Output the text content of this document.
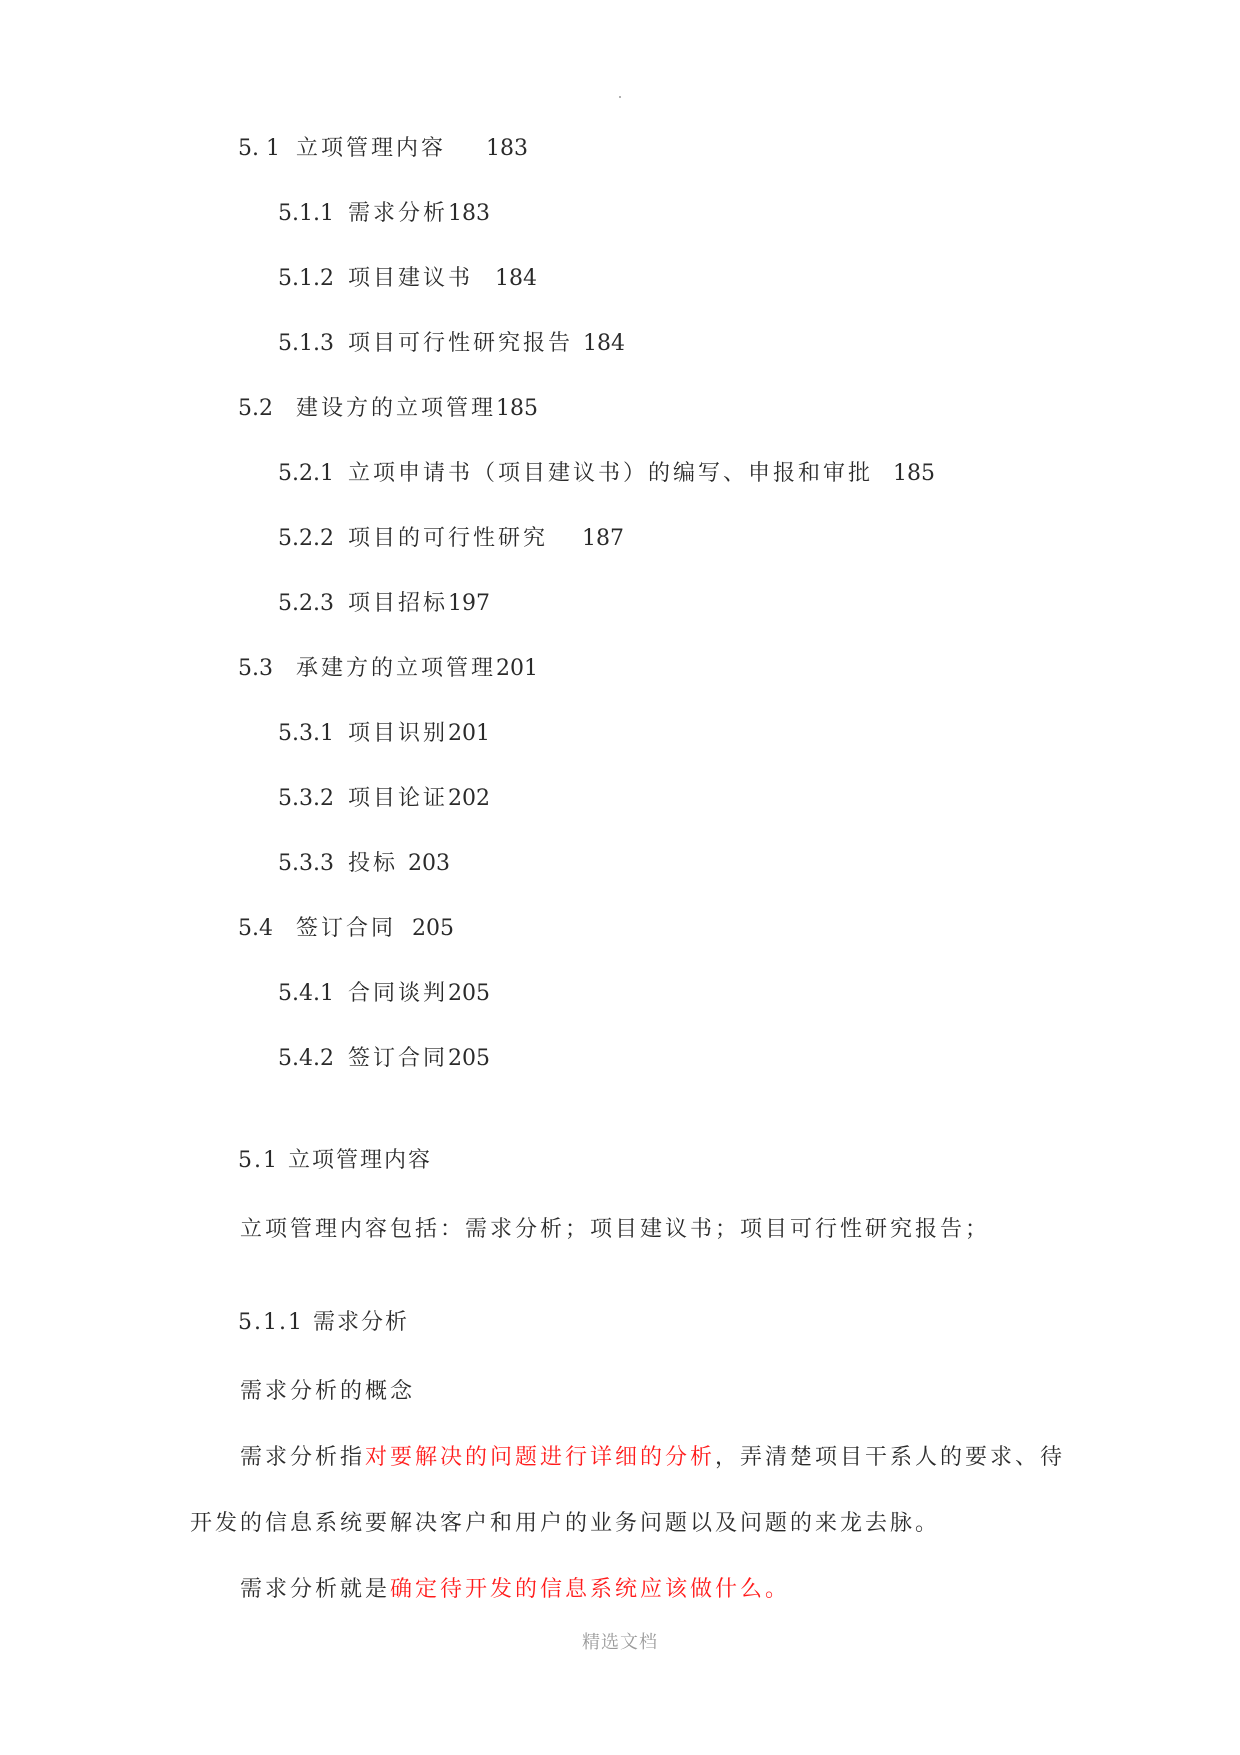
5. 1 立项管理内容 183
5.1.1 需求分析183
5.1.2 项目建议书 184
5.1.3 项目可行性研究报告 184
5.2 建设方的立项管理185
5.2.1 立项申请书（项目建议书）的编写、申报和审批 185
5.2.2 项目的可行性研究 187
5.2.3 项目招标197
5.3 承建方的立项管理201
5.3.1 项目识别201
5.3.2 项目论证202
5.3.3 投标 203
5.4 签订合同 205
5.4.1 合同谈判205
5.4.2 签订合同205
5.1 立项管理内容
立项管理内容包括：需求分析；项目建议书；项目可行性研究报告；
5.1.1 需求分析
需求分析的概念
需求分析指对要解决的问题进行详细的分析，弄清楚项目干系人的要求、待
开发的信息系统要解决客户和用户的业务问题以及问题的来龙去脉。
需求分析就是确定待开发的信息系统应该做什么。
精选文档
